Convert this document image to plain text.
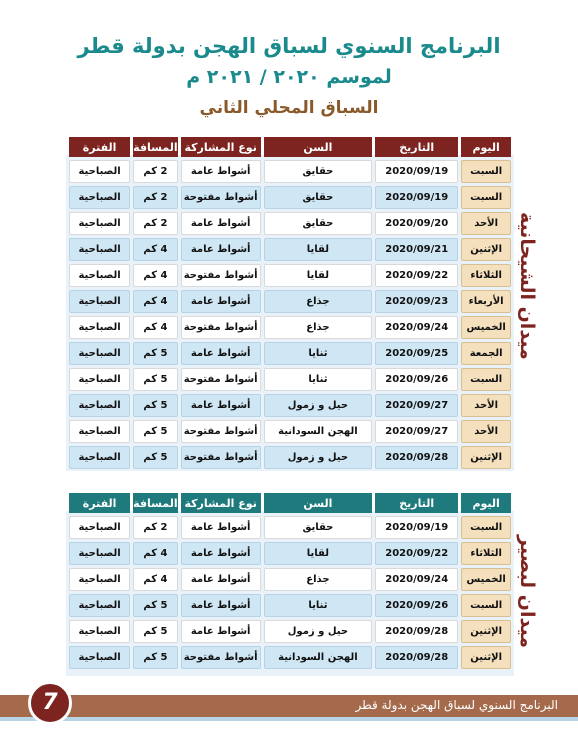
البرنامج السنوي لسباق الهجن بدولة قطر
لموسم ٢٠٢٠ / ٢٠٢١ م
السباق المحلي الثاني
الفترة	المسافة	نوع المشاركة	السن	التاريخ	اليوم
الصباحية	2 كم	أشواط عامة	حقايق	2020/09/19	السبت
الصباحية	2 كم	أشواط مفتوحة	حقايق	2020/09/19	السبت
الصباحية	2 كم	أشواط عامة	حقايق	2020/09/20	الأحد
الصباحية	4 كم	أشواط عامة	لقايا	2020/09/21	الإثنين
الصباحية	4 كم	أشواط مفتوحة	لقايا	2020/09/22	الثلاثاء
الصباحية	4 كم	أشواط عامة	جذاع	2020/09/23	الأربعاء
الصباحية	4 كم	أشواط مفتوحة	جذاع	2020/09/24	الخميس
الصباحية	5 كم	أشواط عامة	ثنايا	2020/09/25	الجمعة
الصباحية	5 كم	أشواط مفتوحة	ثنايا	2020/09/26	السبت
الصباحية	5 كم	أشواط عامة	حيل و زمول	2020/09/27	الأحد
الصباحية	5 كم	أشواط مفتوحة	الهجن السودانية	2020/09/27	الأحد
الصباحية	5 كم	أشواط مفتوحة	حيل و زمول	2020/09/28	الإثنين
الفترة	المسافة	نوع المشاركة	السن	التاريخ	اليوم
الصباحية	2 كم	أشواط عامة	حقايق	2020/09/19	السبت
الصباحية	4 كم	أشواط عامة	لقايا	2020/09/22	الثلاثاء
الصباحية	4 كم	أشواط عامة	جذاع	2020/09/24	الخميس
الصباحية	5 كم	أشواط عامة	ثنايا	2020/09/26	السبت
الصباحية	5 كم	أشواط عامة	حيل و زمول	2020/09/28	الإثنين
الصباحية	5 كم	أشواط مفتوحة	الهجن السودانية	2020/09/28	الإثنين
ميدان الشيحانية
ميدان لبصير
البرنامج السنوي لسباق الهجن بدولة قطر
7
